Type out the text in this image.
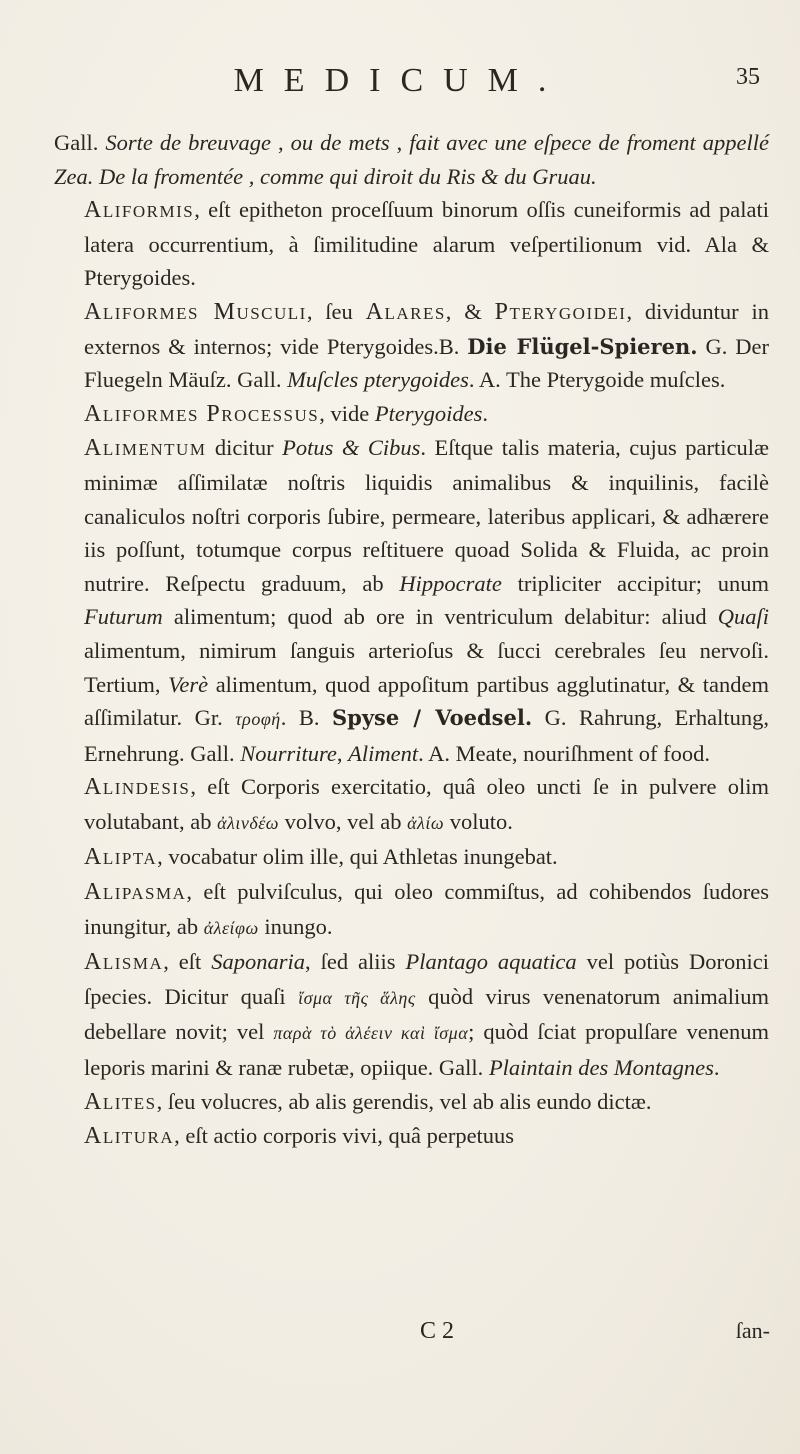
MEDICUM.	35

Gall. Sorte de breuvage , ou de mets , fait avec une eſpece de froment appellé Zea. De la fromentée , comme qui diroit du Ris & du Gruau.

Aliformis, eſt epitheton proceſſuum binorum oſſis cuneiformis ad palati latera occurrentium, à ſimilitudine alarum veſpertilionum vid. Ala & Pterygoides.

Aliformes Musculi, ſeu Alares, & Pterygoidei, dividuntur in externos & internos; vide Pterygoides.B. Die Flügel-Spieren. G. Der Fluegeln Mäuſz. Gall. Muſcles pterygoides. A. The Pterygoide muſcles.

Aliformes Processus, vide Pterygoides.

Alimentum dicitur Potus & Cibus. Eſtque talis materia, cujus particulæ minimæ aſſimilatæ noſtris liquidis animalibus & inquilinis, facilè canaliculos noſtri corporis ſubire, permeare, lateribus applicari, & adhærere iis poſſunt, totumque corpus reſtituere quoad Solida & Fluida, ac proin nutrire. Reſpectu graduum, ab Hippocrate tripliciter accipitur; unum Futurum alimentum; quod ab ore in ventriculum delabitur: aliud Quaſi alimentum, nimirum ſanguis arterioſus & ſucci cerebrales ſeu nervoſi. Tertium, Verè alimentum, quod appoſitum partibus agglutinatur, & tandem aſſimilatur. Gr. τροφή. B. Spyse / Voedsel. G. Rahrung, Erhaltung, Ernehrung. Gall. Nourriture, Aliment. A. Meate, nouriſhment of food.

Alindesis, eſt Corporis exercitatio, quâ oleo uncti ſe in pulvere olim volutabant, ab ἀλινδέω volvo, vel ab ἀλίω voluto.

Alipta, vocabatur olim ille, qui Athletas inungebat.

Alipasma, eſt pulviſculus, qui oleo commiſtus, ad cohibendos ſudores inungitur, ab ἀλείφω inungo.

Alisma, eſt Saponaria, ſed aliis Plantago aquatica vel potiùs Doronici ſpecies. Dicitur quaſi ἴσμα τῆς ἅλης quòd virus venenatorum animalium debellare novit; vel παρὰ τὸ ἀλέειν καὶ ἴσμα; quòd ſciat propulſare venenum leporis marini & ranæ rubetæ, opiique. Gall. Plaintain des Montagnes.

Alites, ſeu volucres, ab alis gerendis, vel ab alis eundo dictæ.

Alitura, eſt actio corporis vivi, quâ perpetuus

C 2	ſan-
